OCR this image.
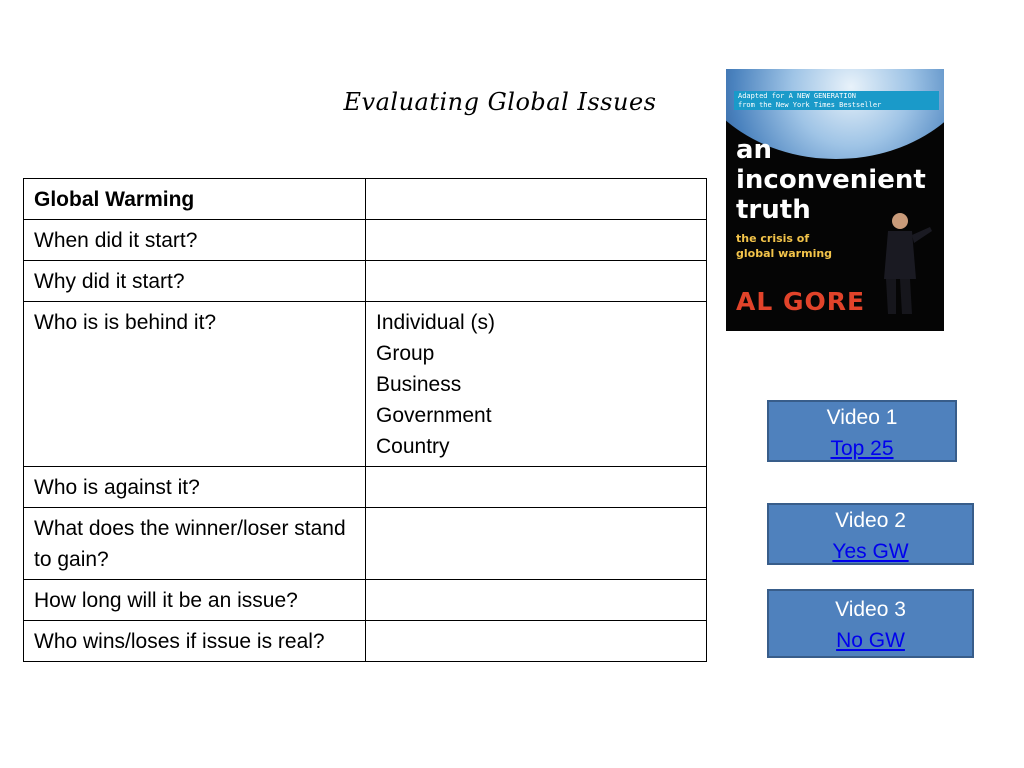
Evaluating Global Issues
Global Warming	
When did it start?	
Why did it start?	
Who is is behind it?	Individual (s)
Group
Business
Government
Country

Who is against it?	
What does the winner/loser stand to gain?	
How long will it be an issue?	
Who wins/loses if issue is real?	
Adapted for A NEW GENERATION
from the New York Times Bestseller
an
inconvenient
truth
the crisis of
global warming
AL GORE
Video 1
Top 25
Video 2
Yes GW
Video 3
No GW
